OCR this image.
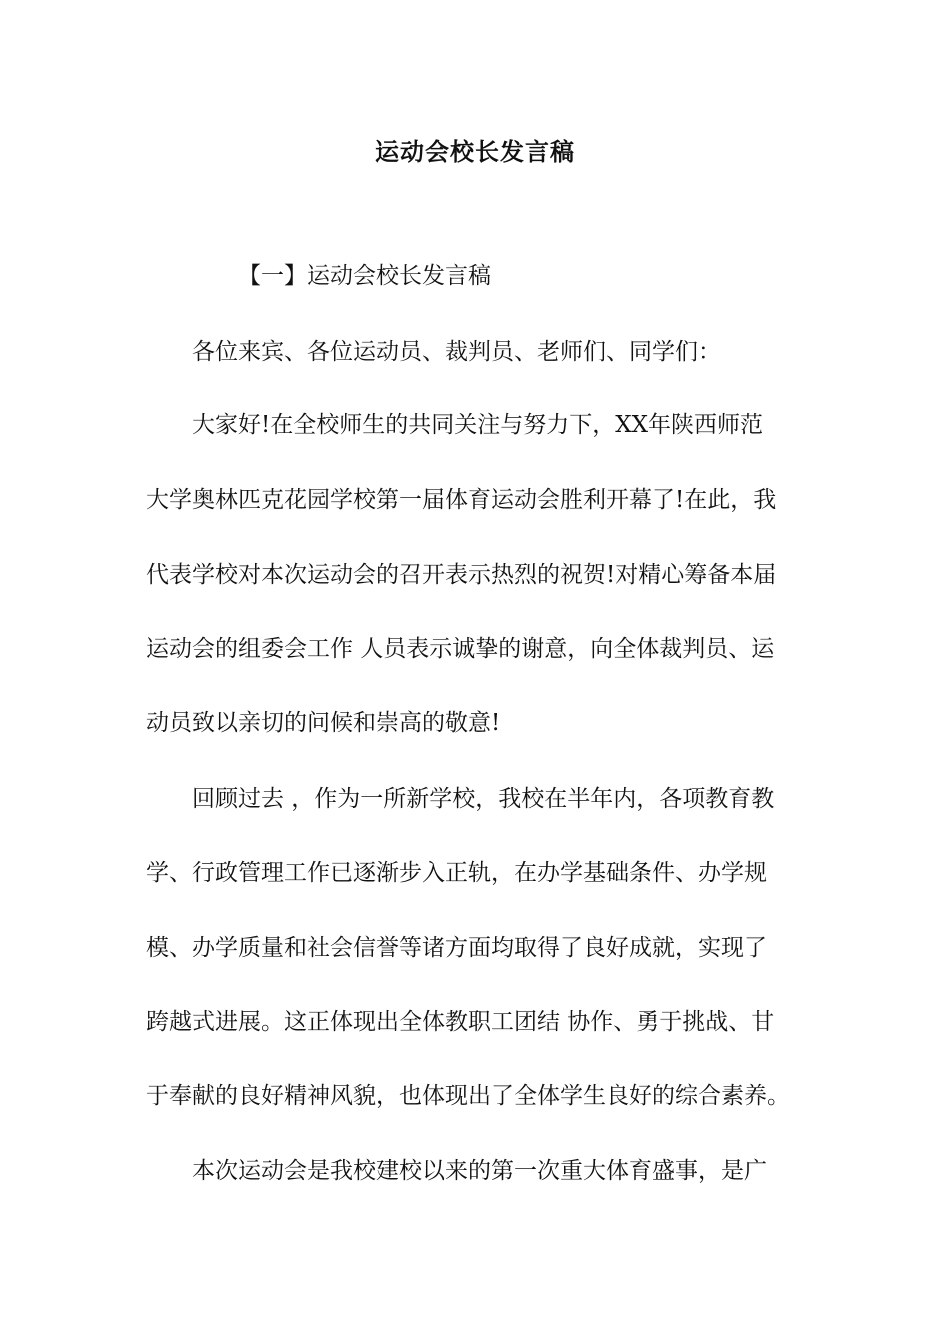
运动会校长发言稿

【一】运动会校长发言稿

各位来宾、各位运动员、裁判员、老师们、同学们：

大家好!在全校师生的共同关注与努力下，XX年陕西师范

大学奥林匹克花园学校第一届体育运动会胜利开幕了!在此，我

代表学校对本次运动会的召开表示热烈的祝贺!对精心筹备本届

运动会的组委会工作 人员表示诚挚的谢意，向全体裁判员、运

动员致以亲切的问候和崇高的敬意!

回顾过去 ，作为一所新学校，我校在半年内，各项教育教

学、行政管理工作已逐渐步入正轨，在办学基础条件、办学规

模、办学质量和社会信誉等诸方面均取得了良好成就，实现了

跨越式进展。这正体现出全体教职工团结 协作、勇于挑战、甘

于奉献的良好精神风貌，也体现出了全体学生良好的综合素养。

本次运动会是我校建校以来的第一次重大体育盛事，是广
